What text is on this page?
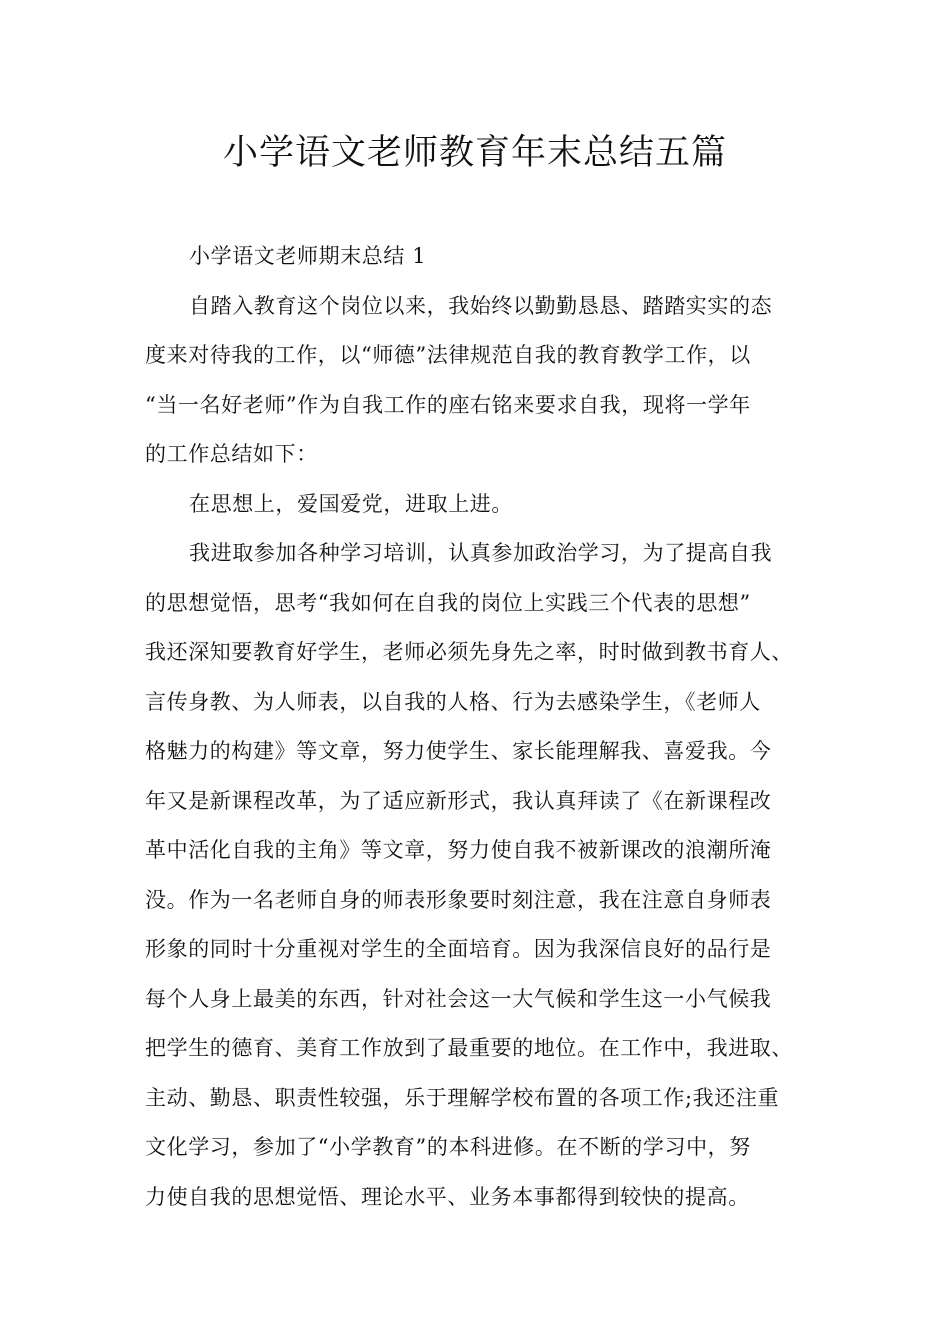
小学语文老师教育年末总结五篇
小学语文老师期末总结 1
自踏入教育这个岗位以来，我始终以勤勤恳恳、踏踏实实的态
度来对待我的工作，以“师德”法律规范自我的教育教学工作，以
“当一名好老师”作为自我工作的座右铭来要求自我，现将一学年
的工作总结如下：
在思想上，爱国爱党，进取上进。
我进取参加各种学习培训，认真参加政治学习，为了提高自我
的思想觉悟，思考“我如何在自我的岗位上实践三个代表的思想”
我还深知要教育好学生，老师必须先身先之率，时时做到教书育人、
言传身教、为人师表，以自我的人格、行为去感染学生，《老师人
格魅力的构建》等文章，努力使学生、家长能理解我、喜爱我。今
年又是新课程改革，为了适应新形式，我认真拜读了《在新课程改
革中活化自我的主角》等文章，努力使自我不被新课改的浪潮所淹
没。作为一名老师自身的师表形象要时刻注意，我在注意自身师表
形象的同时十分重视对学生的全面培育。因为我深信良好的品行是
每个人身上最美的东西，针对社会这一大气候和学生这一小气候我
把学生的德育、美育工作放到了最重要的地位。在工作中，我进取、
主动、勤恳、职责性较强，乐于理解学校布置的各项工作;我还注重
文化学习，参加了“小学教育”的本科进修。在不断的学习中，努
力使自我的思想觉悟、理论水平、业务本事都得到较快的提高。
